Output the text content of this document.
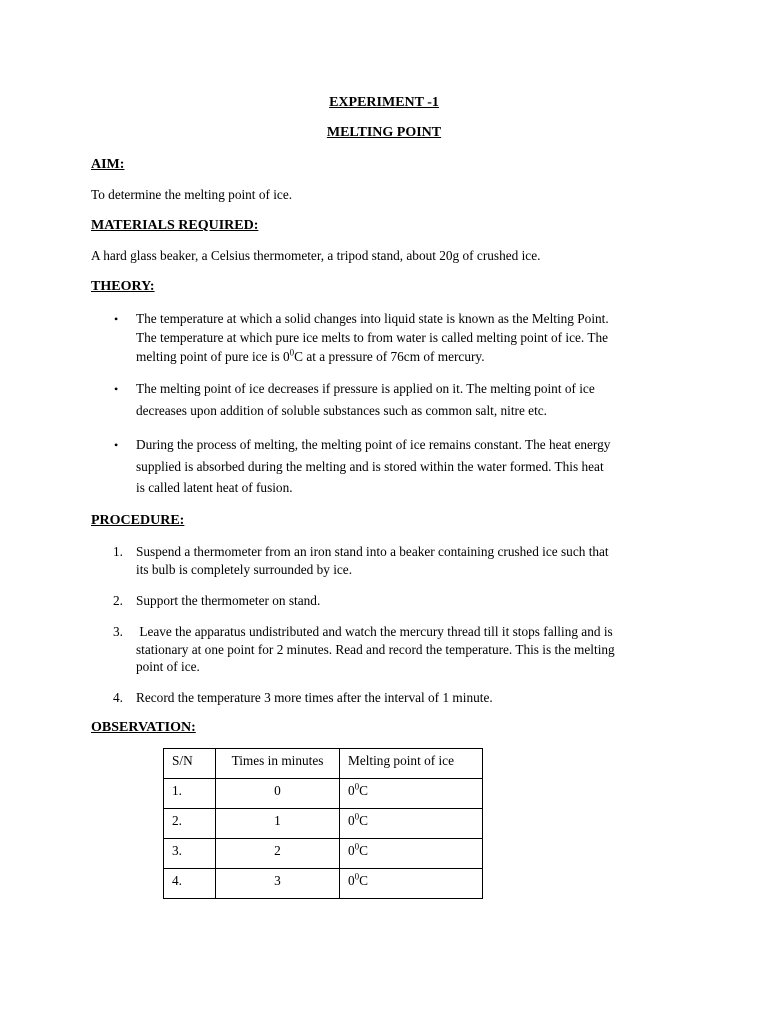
EXPERIMENT -1
MELTING POINT
AIM:
To determine the melting point of ice.
MATERIALS REQUIRED:
A hard glass beaker, a Celsius thermometer, a tripod stand, about 20g of crushed ice.
THEORY:
•
•
•
The temperature at which a solid changes into liquid state is known as the Melting Point.
The temperature at which pure ice melts to from water is called melting point of ice. The
melting point of pure ice is $0^0C$ at a pressure of 76cm of mercury.
The melting point of ice decreases if pressure is applied on it. The melting point of ice
decreases upon addition of soluble substances such as common salt, nitre etc.
During the process of melting, the melting point of ice remains constant. The heat energy
supplied is absorbed during the melting and is stored within the water formed. This heat
is called latent heat of fusion.
PROCEDURE:
1. Suspend a thermometer from an iron stand into a beaker containing crushed ice such that
its bulb is completely surrounded by ice.
2. Support the thermometer on stand.
3. Leave the apparatus undistributed and watch the mercury thread till it stops falling and is
stationary at one point for 2 minutes. Read and record the temperature. This is the melting
point of ice.
4. Record the temperature 3 more times after the interval of 1 minute.
OBSERVATION:
S/N	Times in minutes	Melting point of ice
1.	0	$0^0C$
2.	1	$0^0C$
3.	2	$0^0C$
4.	3	$0^0C$
